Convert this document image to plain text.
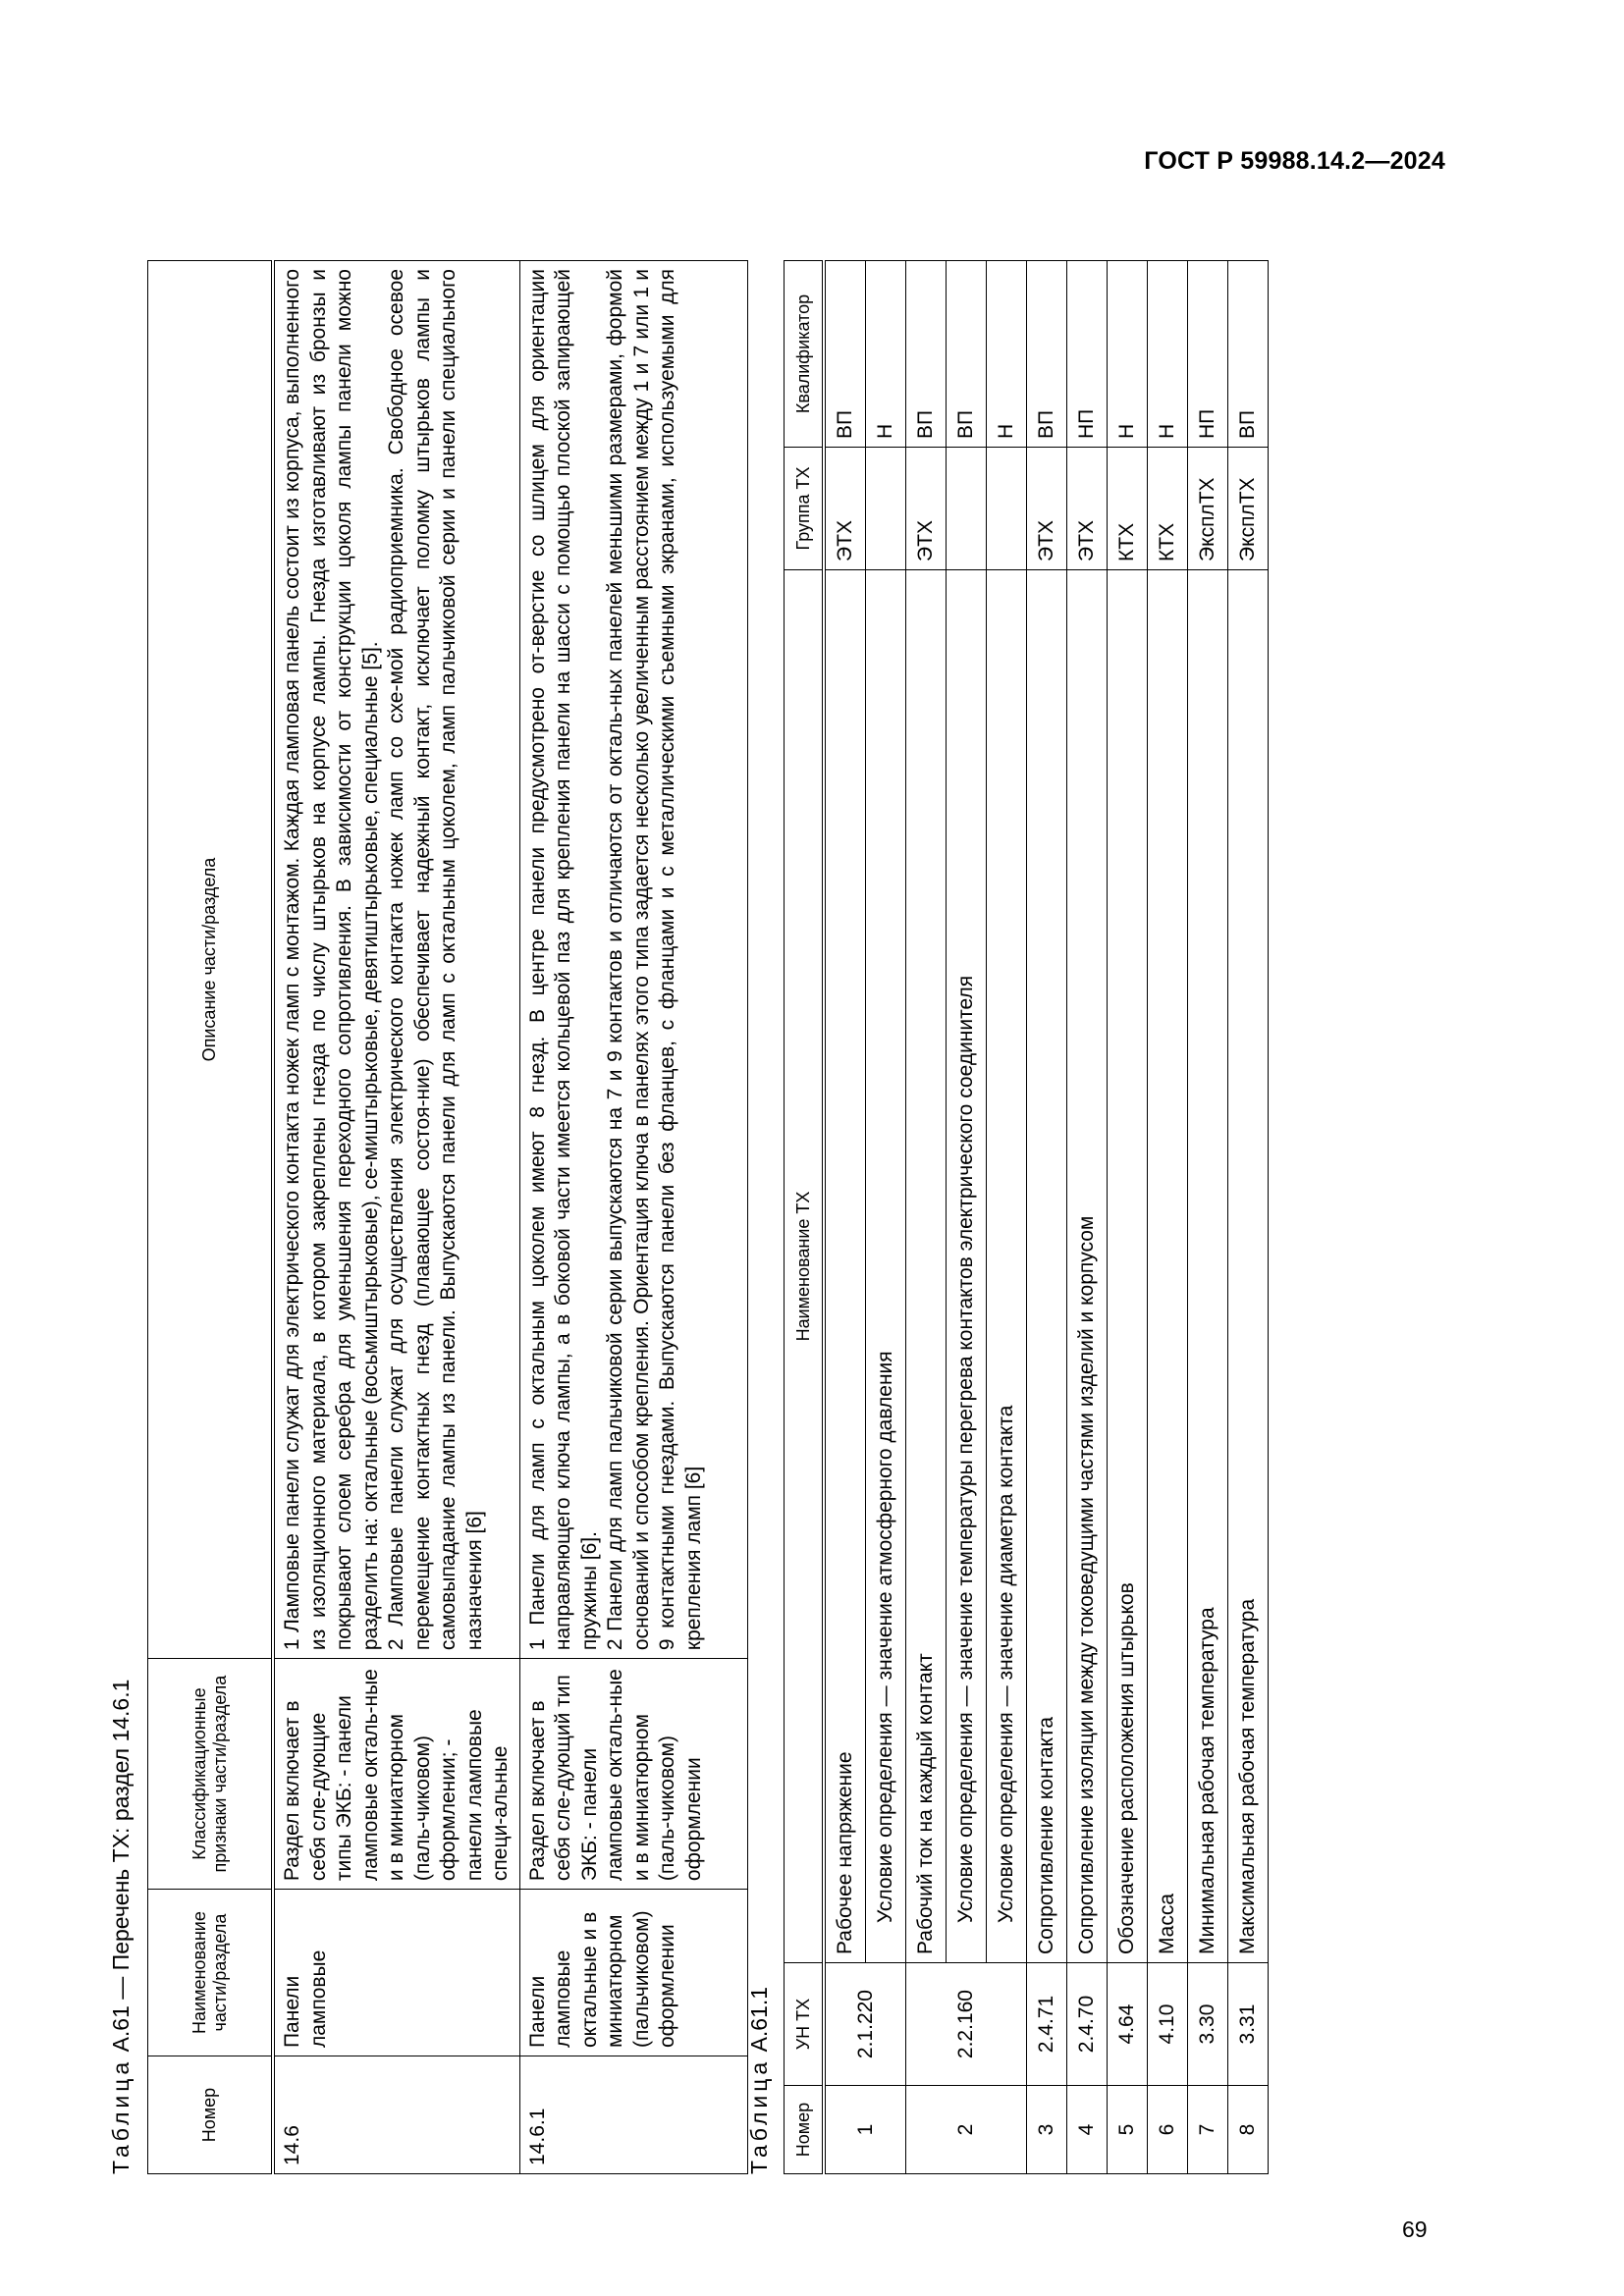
ГОСТ Р 59988.14.2—2024
Таблица А.61 — Перечень ТХ: раздел 14.6.1
Номер	Наименование части/раздела	Классификационные признаки части/раздела	Описание части/раздела
14.6	Панели ламповые	Раздел включает в себя сле-дующие типы ЭКБ: - панели ламповые окталь-ные и в миниатюрном (паль-чиковом) оформлении; - панели ламповые специ-альные	1 Ламповые панели служат для электрического контакта ножек ламп с монтажом. Каждая ламповая панель состоит из корпуса, выполненного из изоляционного материала, в котором закреплены гнезда по числу штырьков на корпусе лампы. Гнезда изготавливают из бронзы и покрывают слоем серебра для уменьшения переходного сопротивления. В зависимости от конструкции цоколя лампы панели можно разделить на: октальные (восьмиштырьковые), се-миштырьковые, девятиштырьковые, специальные [5]. 2 Ламповые панели служат для осуществления электрического контакта ножек ламп со схе-мой радиоприемника. Свободное осевое перемещение контактных гнезд (плавающее состоя-ние) обеспечивает надежный контакт, исключает поломку штырьков лампы и самовыпадание лампы из панели. Выпускаются панели для ламп с октальным цоколем, ламп пальчиковой серии и панели специального назначения [6]

14.6.1	Панели ламповые октальные и в миниатюрном (пальчиковом) оформлении	Раздел включает в себя сле-дующий тип ЭКБ: - панели ламповые окталь-ные и в миниатюрном (паль-чиковом) оформлении	1 Панели для ламп с октальным цоколем имеют 8 гнезд. В центре панели предусмотрено от-верстие со шлицем для ориентации направляющего ключа лампы, а в боковой части имеется кольцевой паз для крепления панели на шасси с помощью плоской запирающей пружины [6]. 2 Панели для ламп пальчиковой серии выпускаются на 7 и 9 контактов и отличаются от окталь-ных панелей меньшими размерами, формой оснований и способом крепления. Ориентация ключа в панелях этого типа задается несколько увеличенным расстоянием между 1 и 7 или 1 и 9 контактными гнездами. Выпускаются панели без фланцев, с фланцами и с металлическими съемными экранами, используемыми для крепления ламп [6]
Таблица А.61.1
Номер	УН ТХ	Наименование ТХ	Группа ТХ	Квалификатор
1	2.1.220	Рабочее напряжение	ЭТХ	ВП
		Условие определения — значение атмосферного давления		Н
2	2.2.160	Рабочий ток на каждый контакт	ЭТХ	ВП
		Условие определения — значение температуры перегрева контактов электрического соединителя		ВП
		Условие определения — значение диаметра контакта		Н
3	2.4.71	Сопротивление контакта	ЭТХ	ВП
4	2.4.70	Сопротивление изоляции между токоведущими частями изделий и корпусом	ЭТХ	НП
5	4.64	Обозначение расположения штырьков	КТХ	Н
6	4.10	Масса	КТХ	Н
7	3.30	Минимальная рабочая температура	ЭксплТХ	НП
8	3.31	Максимальная рабочая температура	ЭксплТХ	ВП
69
